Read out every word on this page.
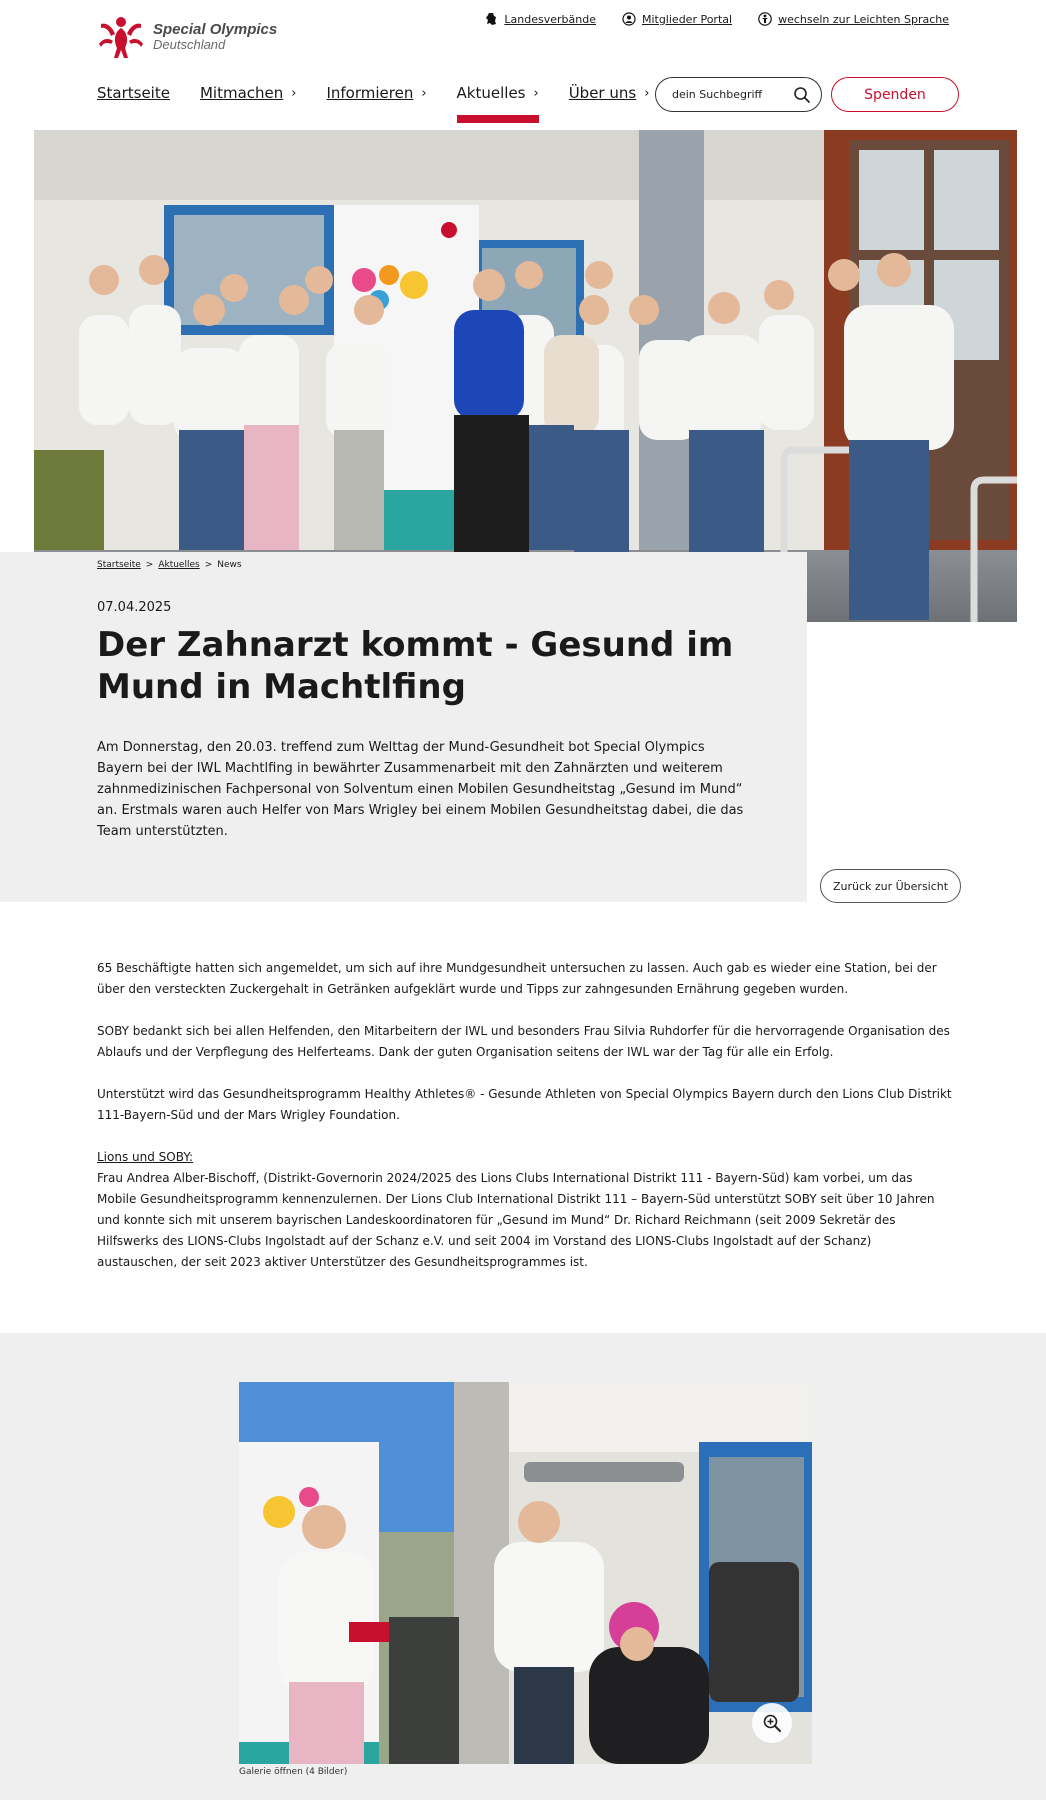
Special Olympics
Deutschland
Landesverbände	Mitglieder Portal	wechseln zur Leichten Sprache
Startseite Mitmachen › Informieren › Aktuelles › Über uns ›
dein Suchbegriff	Spenden
Startseite > Aktuelles > News
07.04.2025
Der Zahnarzt kommt - Gesund im Mund in Machtlfing

Am Donnerstag, den 20.03. treffend zum Welttag der Mund-Gesundheit bot Special Olympics Bayern bei der IWL Machtlfing in bewährter Zusammenarbeit mit den Zahnärzten und weiterem zahnmedizinischen Fachpersonal von Solventum einen Mobilen Gesundheitstag „Gesund im Mund“ an. Erstmals waren auch Helfer von Mars Wrigley bei einem Mobilen Gesundheitstag dabei, die das Team unterstützten.

Zurück zur Übersicht

65 Beschäftigte hatten sich angemeldet, um sich auf ihre Mundgesundheit untersuchen zu lassen. Auch gab es wieder eine Station, bei der über den versteckten Zuckergehalt in Getränken aufgeklärt wurde und Tipps zur zahngesunden Ernährung gegeben wurden.

SOBY bedankt sich bei allen Helfenden, den Mitarbeitern der IWL und besonders Frau Silvia Ruhdorfer für die hervorragende Organisation des Ablaufs und der Verpflegung des Helferteams. Dank der guten Organisation seitens der IWL war der Tag für alle ein Erfolg.

Unterstützt wird das Gesundheitsprogramm Healthy Athletes® - Gesunde Athleten von Special Olympics Bayern durch den Lions Club Distrikt 111-Bayern-Süd und der Mars Wrigley Foundation.

Lions und SOBY:
Frau Andrea Alber-Bischoff, (Distrikt-Governorin 2024/2025 des Lions Clubs International Distrikt 111 - Bayern-Süd) kam vorbei, um das Mobile Gesundheitsprogramm kennenzulernen. Der Lions Club International Distrikt 111 – Bayern-Süd unterstützt SOBY seit über 10 Jahren und konnte sich mit unserem bayrischen Landeskoordinatoren für „Gesund im Mund“ Dr. Richard Reichmann (seit 2009 Sekretär des Hilfswerks des LIONS-Clubs Ingolstadt auf der Schanz e.V. und seit 2004 im Vorstand des LIONS-Clubs Ingolstadt auf der Schanz) austauschen, der seit 2023 aktiver Unterstützer des Gesundheitsprogrammes ist.
Galerie öffnen (4 Bilder)
